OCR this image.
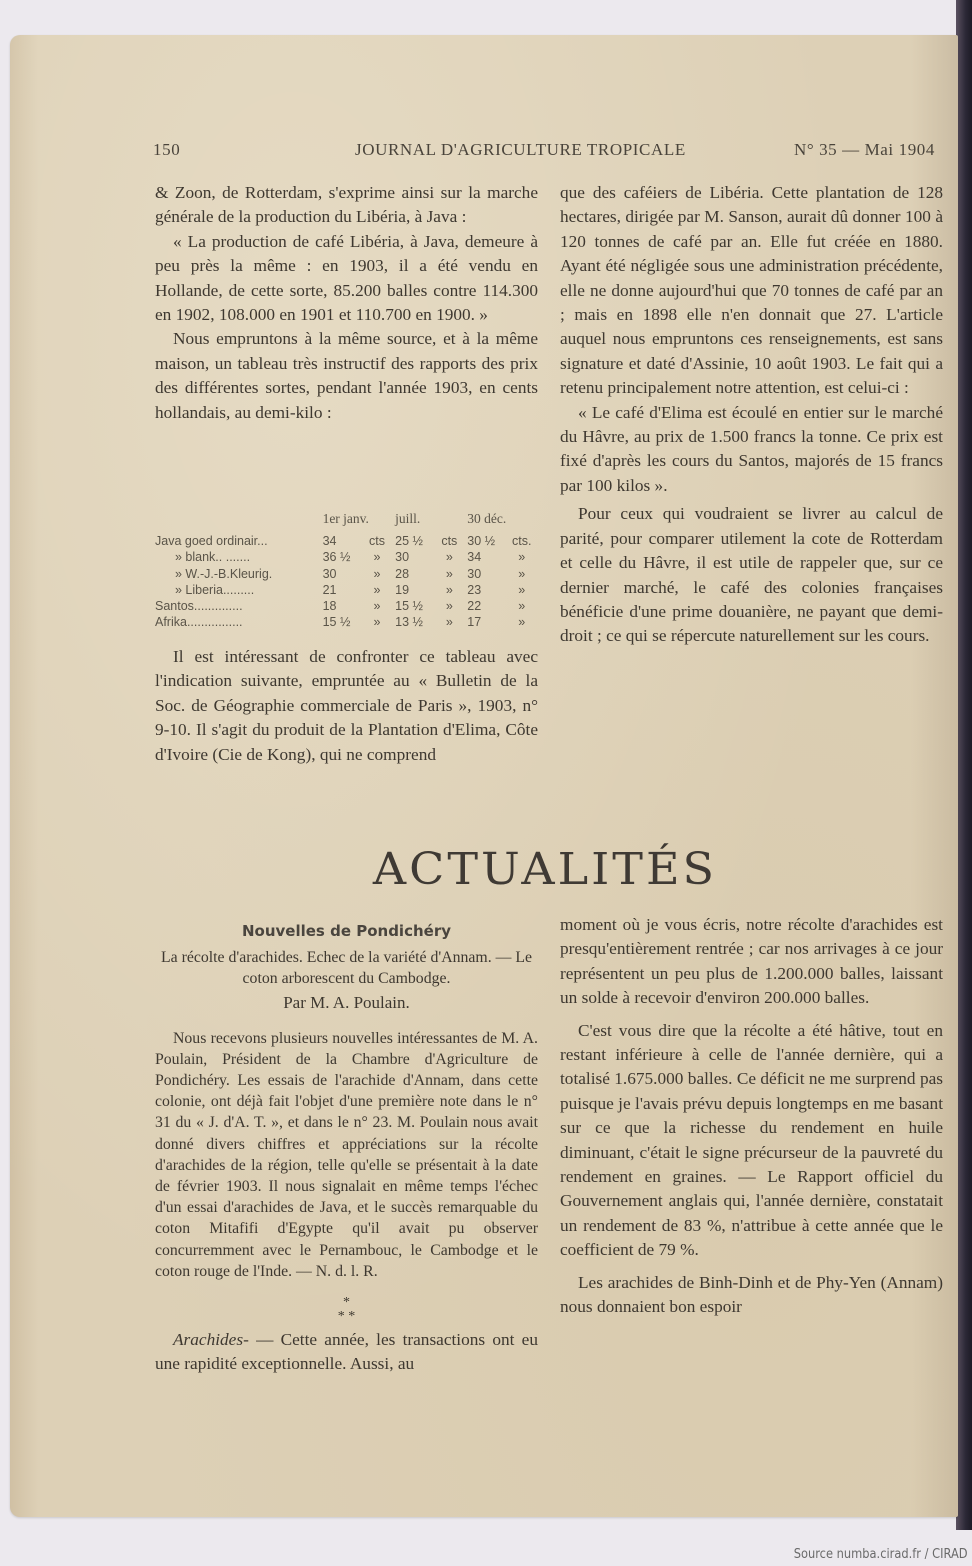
150	JOURNAL D'AGRICULTURE TROPICALE	N° 35 — Mai 1904

& Zoon, de Rotterdam, s'exprime ainsi sur la marche générale de la production du Libéria, à Java :

« La production de café Libéria, à Java, demeure à peu près la même : en 1903, il a été vendu en Hollande, de cette sorte, 85.200 balles contre 114.300 en 1902, 108.000 en 1901 et 110.700 en 1900. »

Nous empruntons à la même source, et à la même maison, un tableau très instructif des rapports des prix des différentes sortes, pendant l'année 1903, en cents hollandais, au demi-kilo :

	1er janv.		juill.		30 déc.	
Java goed ordinair...	34	cts	25 ½	cts	30 ½	cts.
» blank.. .......	36 ½	»	30	»	34	»
» W.-J.-B.Kleurig.	30	»	28	»	30	»
» Liberia.........	21	»	19	»	23	»
Santos..............	18	»	15 ½	»	22	»
Afrika................	15 ½	»	13 ½	»	17	»

Il est intéressant de confronter ce tableau avec l'indication suivante, empruntée au « Bulletin de la Soc. de Géographie commerciale de Paris », 1903, n° 9-10. Il s'agit du produit de la Plantation d'Elima, Côte d'Ivoire (Cie de Kong), qui ne comprend

que des caféiers de Libéria. Cette plantation de 128 hectares, dirigée par M. Sanson, aurait dû donner 100 à 120 tonnes de café par an. Elle fut créée en 1880. Ayant été négligée sous une administration précédente, elle ne donne aujourd'hui que 70 tonnes de café par an ; mais en 1898 elle n'en donnait que 27. L'article auquel nous empruntons ces renseignements, est sans signature et daté d'Assinie, 10 août 1903. Le fait qui a retenu principalement notre attention, est celui-ci :

« Le café d'Elima est écoulé en entier sur le marché du Hâvre, au prix de 1.500 francs la tonne. Ce prix est fixé d'après les cours du Santos, majorés de 15 francs par 100 kilos ».

Pour ceux qui voudraient se livrer au calcul de parité, pour comparer utilement la cote de Rotterdam et celle du Hâvre, il est utile de rappeler que, sur ce dernier marché, le café des colonies françaises bénéficie d'une prime douanière, ne payant que demi-droit ; ce qui se répercute naturellement sur les cours.

ACTUALITÉS

Nouvelles de Pondichéry

La récolte d'arachides. Echec de la variété d'Annam. — Le coton arborescent du Cambodge.

Par M. A. Poulain.

Nous recevons plusieurs nouvelles intéressantes de M. A. Poulain, Président de la Chambre d'Agriculture de Pondichéry. Les essais de l'arachide d'Annam, dans cette colonie, ont déjà fait l'objet d'une première note dans le n° 31 du « J. d'A. T. », et dans le n° 23. M. Poulain nous avait donné divers chiffres et appréciations sur la récolte d'arachides de la région, telle qu'elle se présentait à la date de février 1903. Il nous signalait en même temps l'échec d'un essai d'arachides de Java, et le succès remarquable du coton Mitafifi d'Egypte qu'il avait pu observer concurremment avec le Pernambouc, le Cambodge et le coton rouge de l'Inde. — N. d. l. R.

*
* *

Arachides- — Cette année, les transactions ont eu une rapidité exceptionnelle. Aussi, au

moment où je vous écris, notre récolte d'arachides est presqu'entièrement rentrée ; car nos arrivages à ce jour représentent un peu plus de 1.200.000 balles, laissant un solde à recevoir d'environ 200.000 balles.

C'est vous dire que la récolte a été hâtive, tout en restant inférieure à celle de l'année dernière, qui a totalisé 1.675.000 balles. Ce déficit ne me surprend pas puisque je l'avais prévu depuis longtemps en me basant sur ce que la richesse du rendement en huile diminuant, c'était le signe précurseur de la pauvreté du rendement en graines. — Le Rapport officiel du Gouvernement anglais qui, l'année dernière, constatait un rendement de 83 %, n'attribue à cette année que le coefficient de 79 %.

Les arachides de Binh-Dinh et de Phy-Yen (Annam) nous donnaient bon espoir

Source numba.cirad.fr / CIRAD
